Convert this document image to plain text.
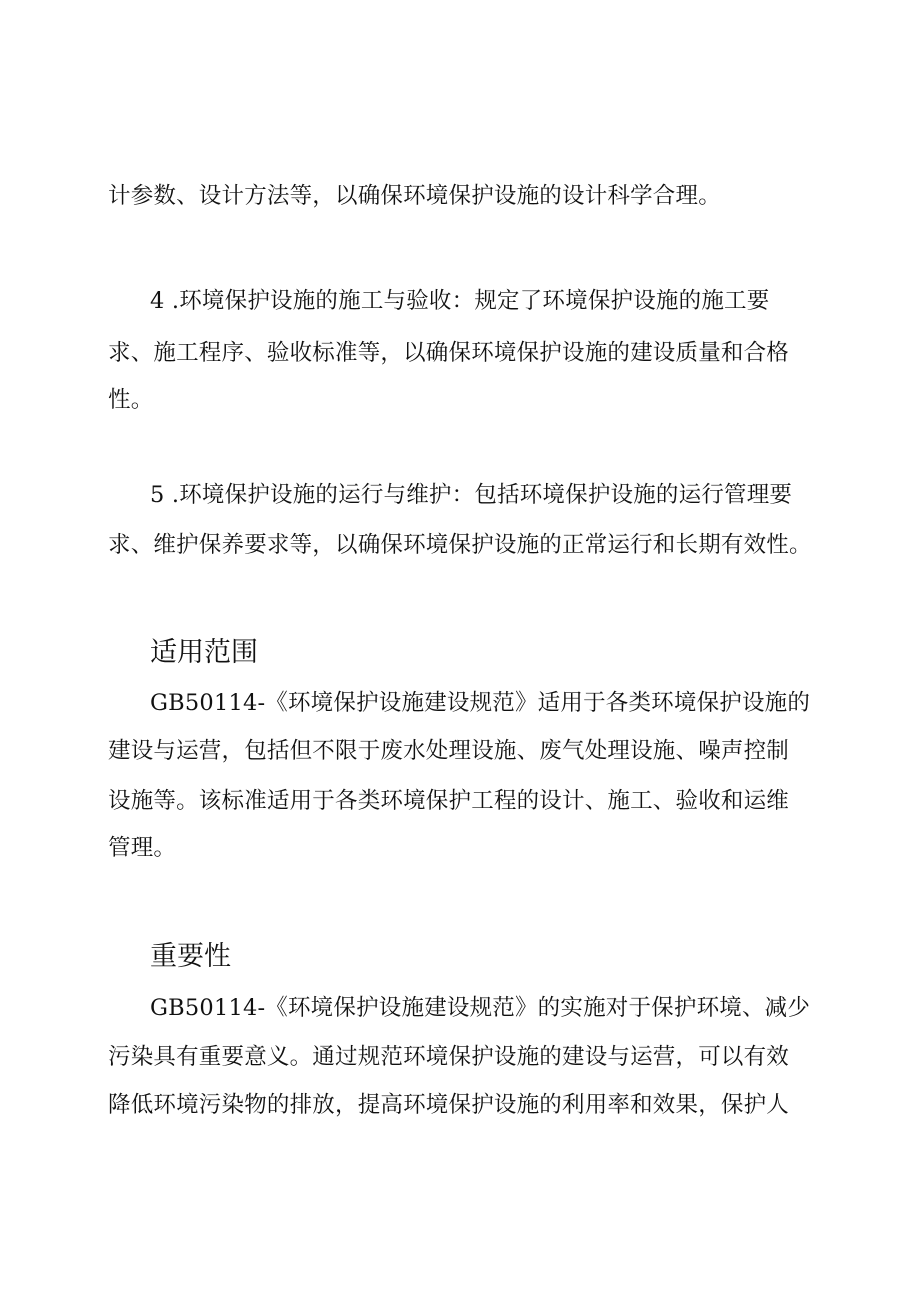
计参数、设计方法等，以确保环境保护设施的设计科学合理。
4 .环境保护设施的施工与验收：规定了环境保护设施的施工要
求、施工程序、验收标准等，以确保环境保护设施的建设质量和合格
性。
5 .环境保护设施的运行与维护：包括环境保护设施的运行管理要
求、维护保养要求等，以确保环境保护设施的正常运行和长期有效性。
适用范围
GB50114-《环境保护设施建设规范》适用于各类环境保护设施的
建设与运营，包括但不限于废水处理设施、废气处理设施、噪声控制
设施等。该标准适用于各类环境保护工程的设计、施工、验收和运维
管理。
重要性
GB50114-《环境保护设施建设规范》的实施对于保护环境、减少
污染具有重要意义。通过规范环境保护设施的建设与运营，可以有效
降低环境污染物的排放，提高环境保护设施的利用率和效果，保护人
